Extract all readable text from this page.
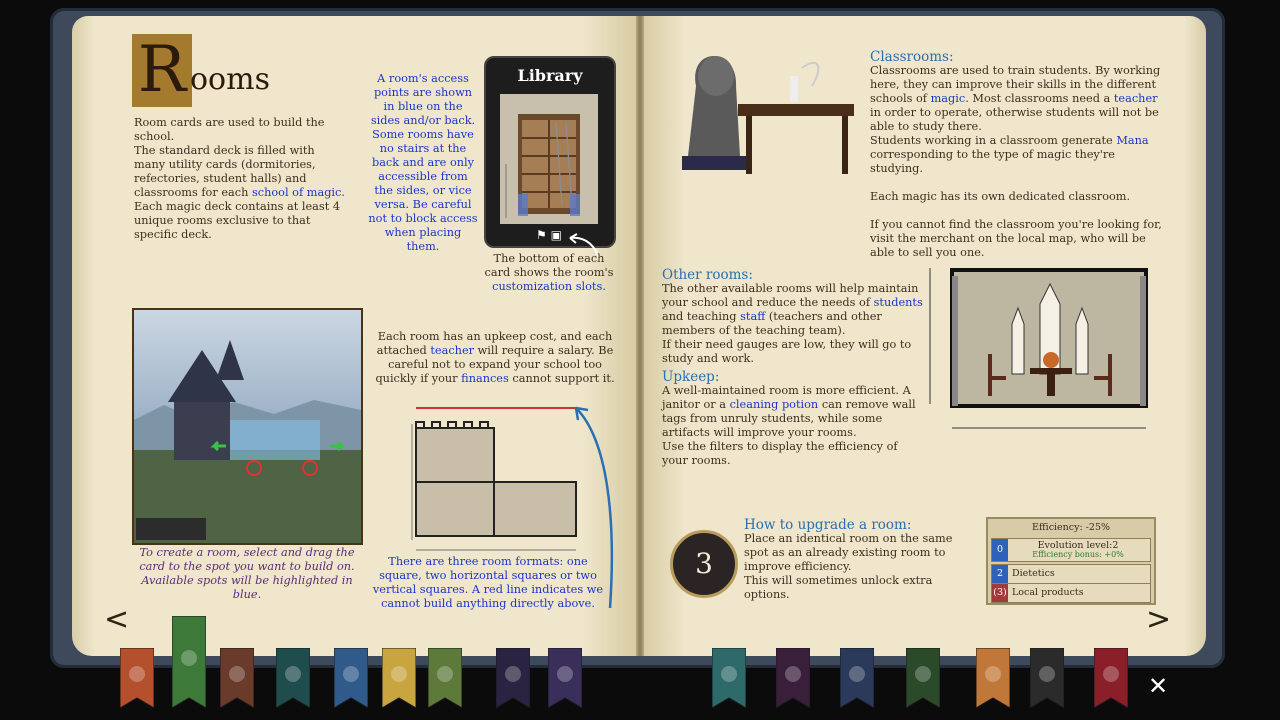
R ooms
Room cards are used to build the school.
The standard deck is filled with many utility cards (dormitories, refectories, student halls) and classrooms for each school of magic.
Each magic deck contains at least 4 unique rooms exclusive to that specific deck.
A room's access points are shown in blue on the sides and/or back. Some rooms have no stairs at the back and are only accessible from the sides, or vice versa. Be careful not to block access when placing them.
Library
⚑ ▣
The bottom of each card shows the room's customization slots.
Each room has an upkeep cost, and each attached teacher will require a salary. Be careful not to expand your school too quickly if your finances cannot support it.
To create a room, select and drag the card to the spot you want to build on. Available spots will be highlighted in blue.
There are three room formats: one square, two horizontal squares or two vertical squares. A red line indicates we cannot build anything directly above.
<
Classrooms:
Classrooms are used to train students. By working here, they can improve their skills in the different schools of magic. Most classrooms need a teacher in order to operate, otherwise students will not be able to study there.
Students working in a classroom generate Mana corresponding to the type of magic they're studying.

Each magic has its own dedicated classroom.

If you cannot find the classroom you're looking for, visit the merchant on the local map, who will be able to sell you one.
Other rooms:
The other available rooms will help maintain your school and reduce the needs of students and teaching staff (teachers and other members of the teaching team).
If their need gauges are low, they will go to study and work.
Upkeep:
A well-maintained room is more efficient. A janitor or a cleaning potion can remove wall tags from unruly students, while some artifacts will improve your rooms.
Use the filters to display the efficiency of your rooms.
3
How to upgrade a room:
Place an identical room on the same spot as an already existing room to improve efficiency.
This will sometimes unlock extra options.
Efficiency: -25%
0	Evolution level:2
Efficiency bonus: +0%
2 Dietetics
(3) Local products
>
✕
